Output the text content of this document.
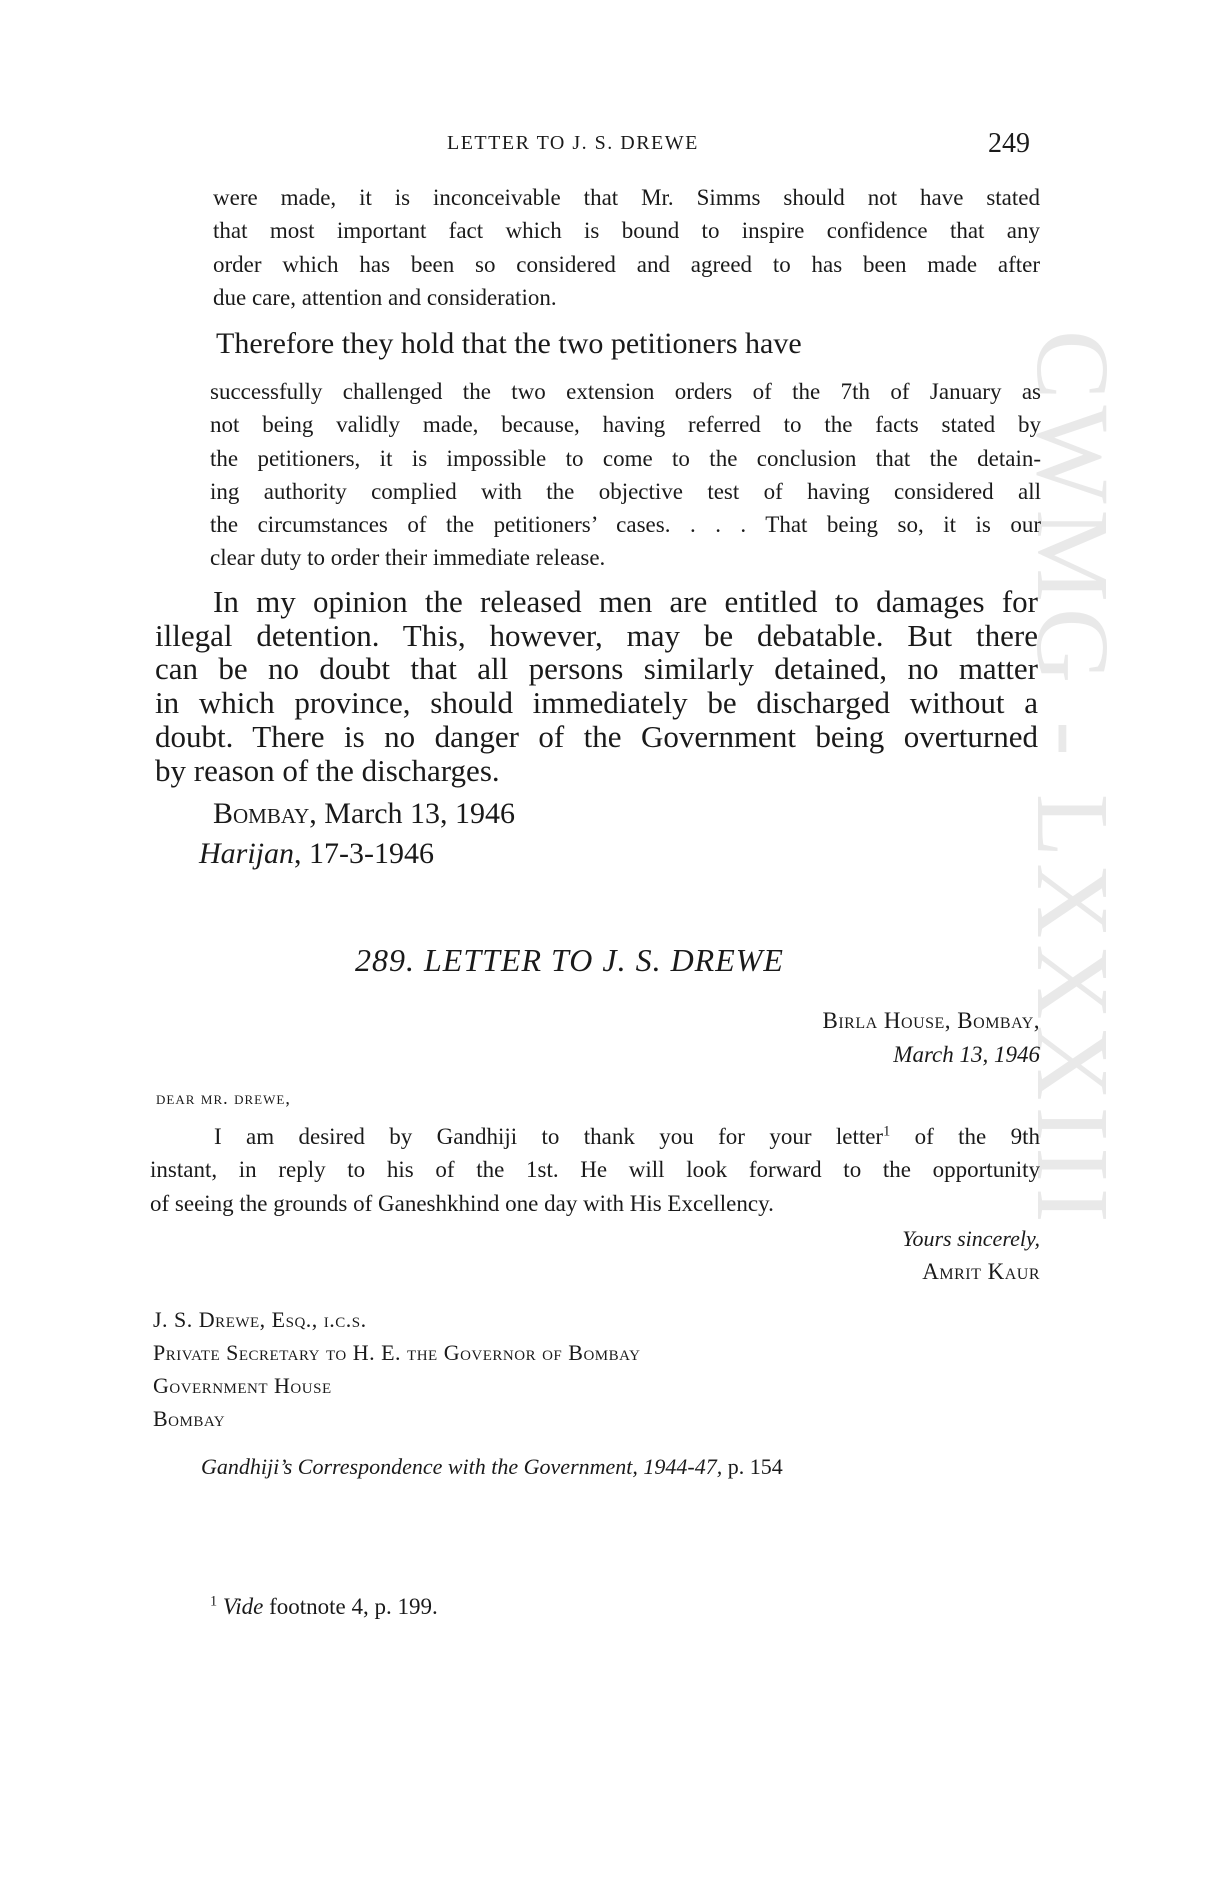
CWMG - LXXXIII
LETTER TO J. S. DREWE	249
were made, it is inconceivable that Mr. Simms should not have stated
that most important fact which is bound to inspire confidence that any
order which has been so considered and agreed to has been made after
due care, attention and consideration.
Therefore they hold that the two petitioners have
successfully challenged the two extension orders of the 7th of January as
not being validly made, because, having referred to the facts stated by
the petitioners, it is impossible to come to the conclusion that the detain-
ing authority complied with the objective test of having considered all
the circumstances of the petitioners’ cases. . . . That being so, it is our
clear duty to order their immediate release.
In my opinion the released men are entitled to damages for
illegal detention. This, however, may be debatable. But there
can be no doubt that all persons similarly detained, no matter
in which province, should immediately be discharged without a
doubt. There is no danger of the Government being overturned
by reason of the discharges.
Bombay, March 13, 1946
Harijan, 17-3-1946
289. LETTER TO J. S. DREWE
Birla House, Bombay,
March 13, 1946
dear mr. drewe,
I am desired by Gandhiji to thank you for your letter$^1$ of the 9th
instant, in reply to his of the 1st. He will look forward to the opportunity
of seeing the grounds of Ganeshkhind one day with His Excellency.
Yours sincerely,
Amrit Kaur
J. S. Drewe, Esq., i.c.s.
Private Secretary to H. E. the Governor of Bombay
Government House
Bombay
Gandhiji’s Correspondence with the Government, 1944-47, p. 154
$^1$ Vide footnote 4, p. 199.
